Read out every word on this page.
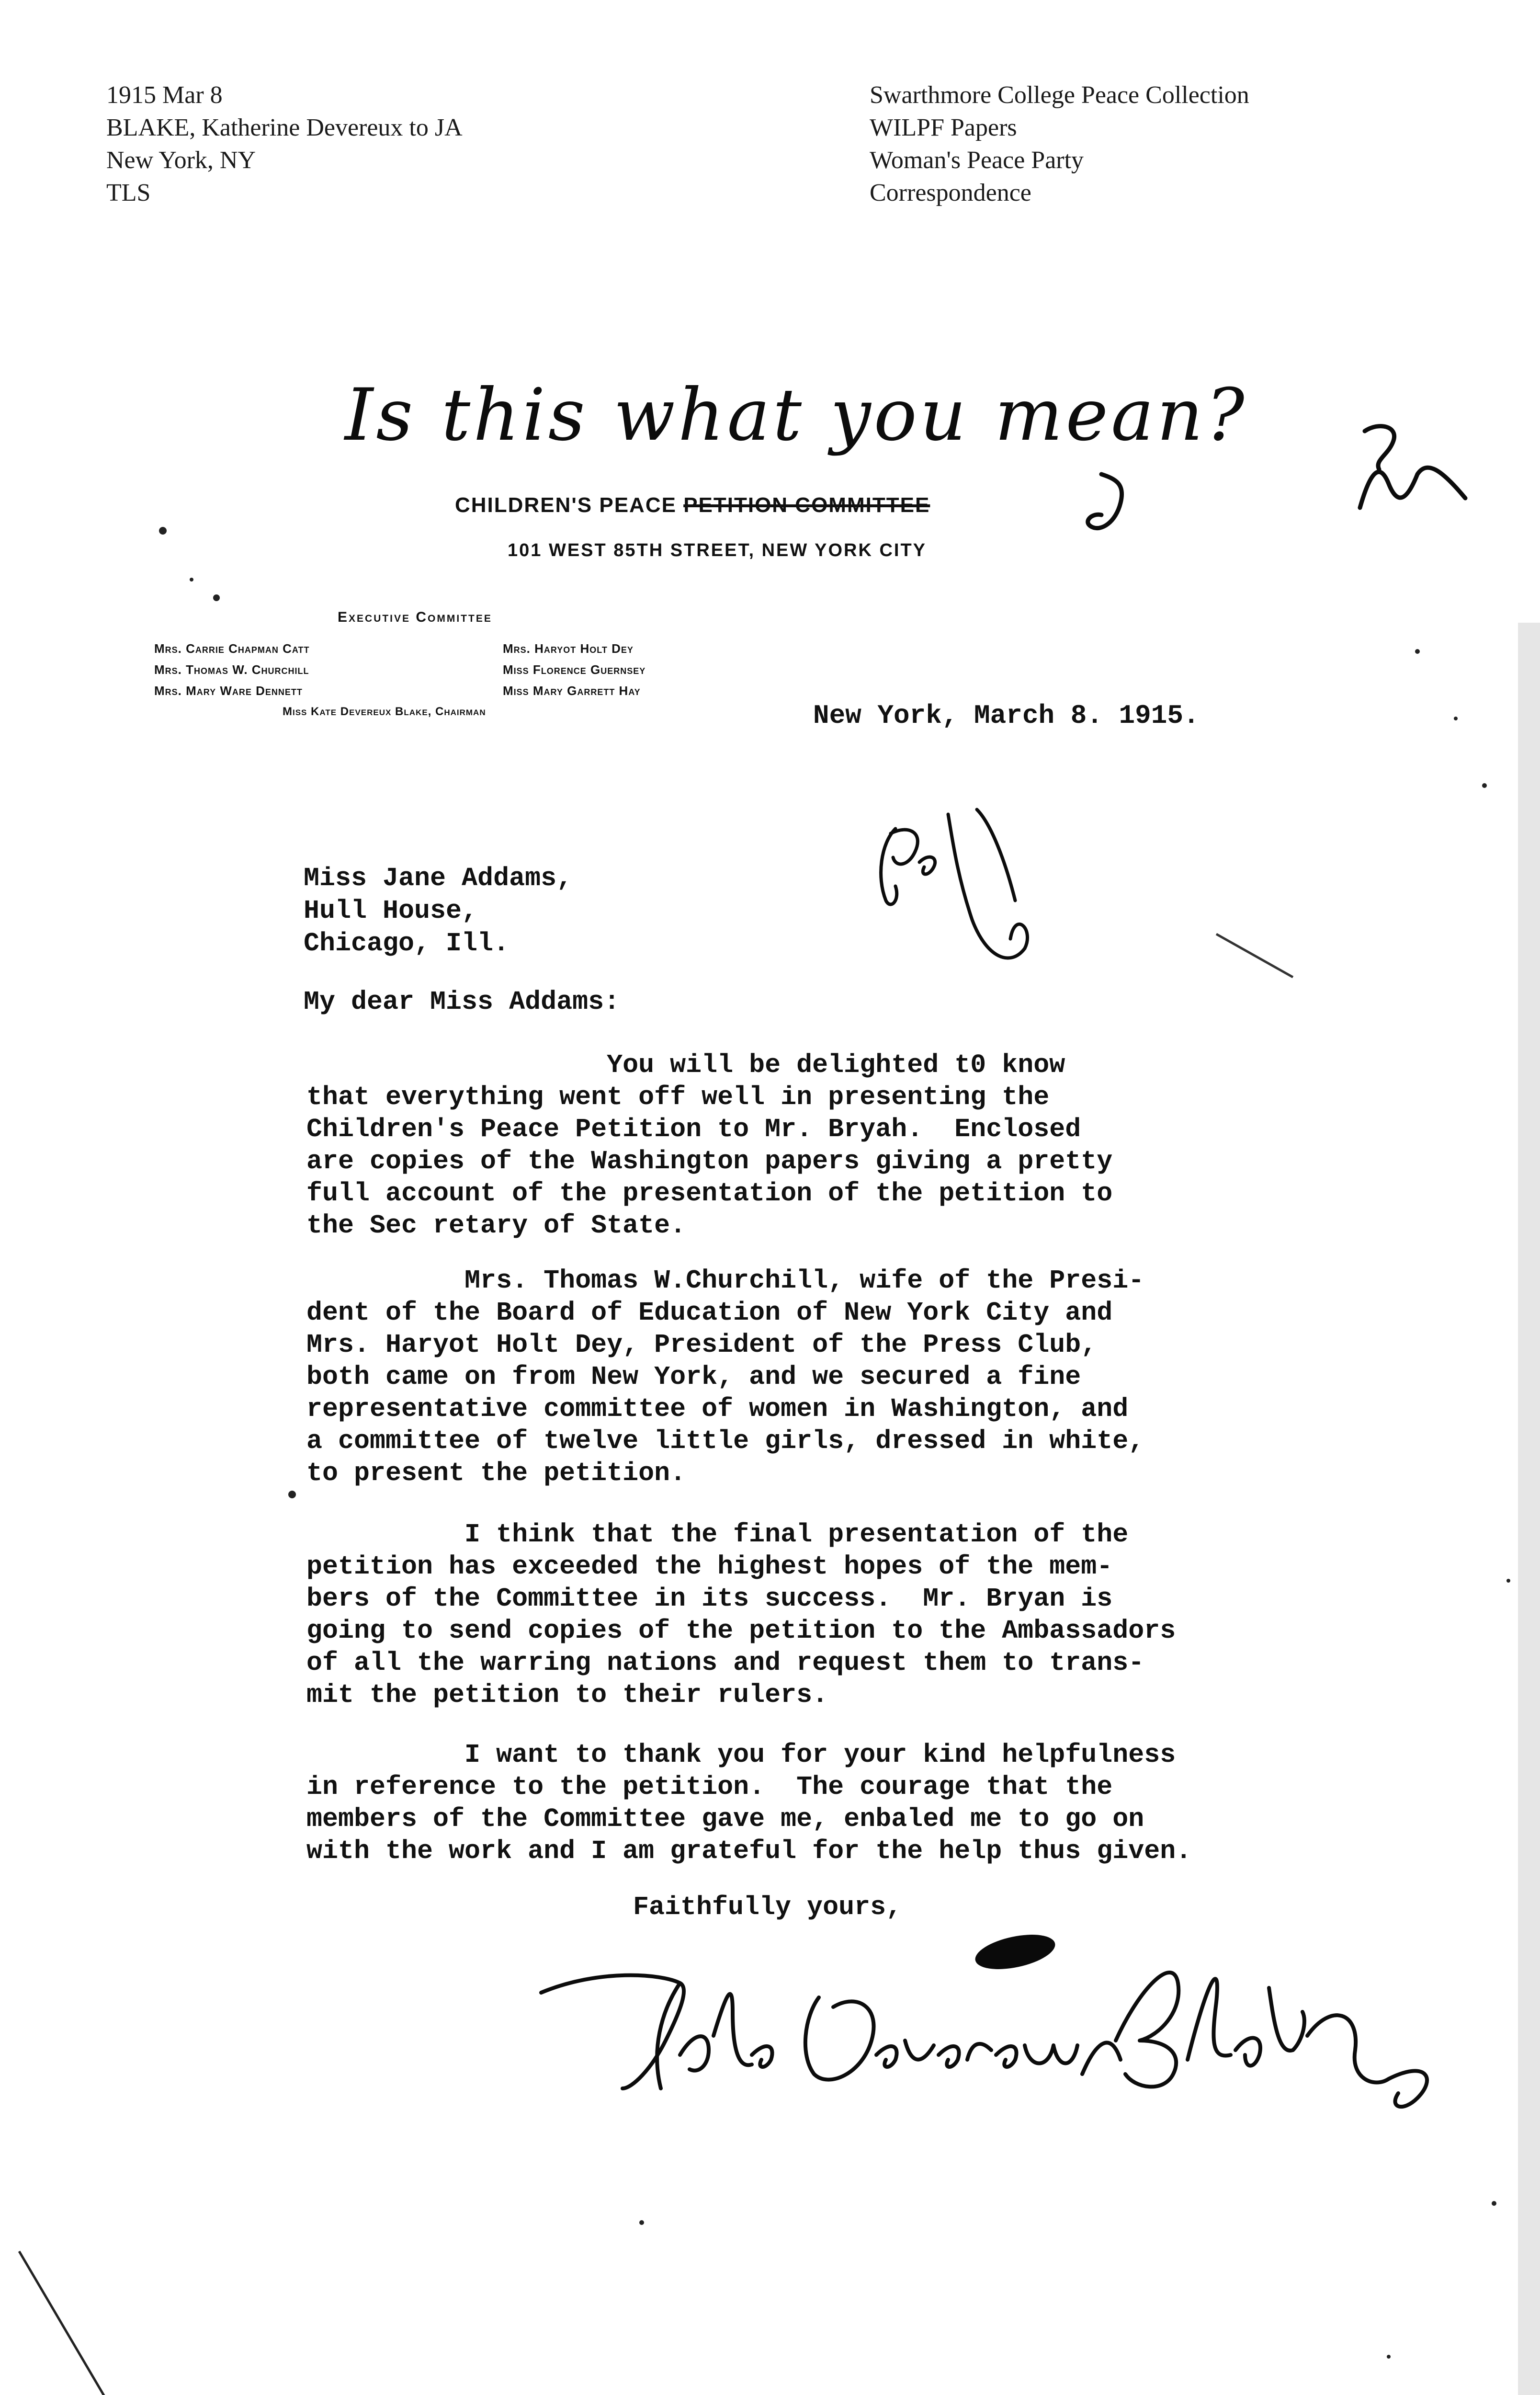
1915 Mar 8
BLAKE, Katherine Devereux to JA
New York, NY
TLS
Swarthmore College Peace Collection
WILPF Papers
Woman's Peace Party
Correspondence
Is this what you mean?
CHILDREN'S PEACE PETITION COMMITTEE
101 WEST 85TH STREET, NEW YORK CITY
Executive Committee
Mrs. Carrie Chapman Catt
Mrs. Thomas W. Churchill
Mrs. Mary Ware Dennett
Mrs. Haryot Holt Dey
Miss Florence Guernsey
Miss Mary Garrett Hay
Miss Kate Devereux Blake, Chairman	New York, March 8. 1915.
Miss Jane Addams,
Hull House,
Chicago, Ill.
My dear Miss Addams:
You will be delighted t0 know
that everything went off well in presenting the
Children's Peace Petition to Mr. Bryah.  Enclosed
are copies of the Washington papers giving a pretty
full account of the presentation of the petition to
the Sec retary of State.
Mrs. Thomas W.Churchill, wife of the Presi-
dent of the Board of Education of New York City and
Mrs. Haryot Holt Dey, President of the Press Club,
both came on from New York, and we secured a fine
representative committee of women in Washington, and
a committee of twelve little girls, dressed in white,
to present the petition.
I think that the final presentation of the
petition has exceeded the highest hopes of the mem-
bers of the Committee in its success.  Mr. Bryan is
going to send copies of the petition to the Ambassadors
of all the warring nations and request them to trans-
mit the petition to their rulers.
I want to thank you for your kind helpfulness
in reference to the petition.  The courage that the
members of the Committee gave me, enbaled me to go on
with the work and I am grateful for the help thus given.
Faithfully yours,
